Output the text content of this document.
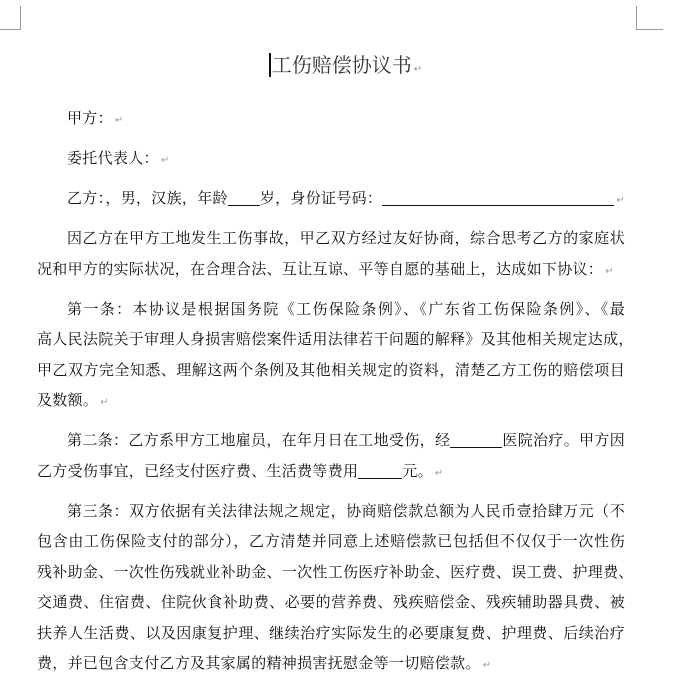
工伤赔偿协议书 ↵
甲方： ↵
委托代表人： ↵
乙方：，男，汉族，年龄 岁，身份证号码：	↵
因乙方在甲方工地发生工伤事故，甲乙双方经过友好协商，综合思考乙方的家庭状
况和甲方的实际状况，在合理合法、互让互谅、平等自愿的基础上，达成如下协议： ↵
第一条：本协议是根据国务院《工伤保险条例》、《广东省工伤保险条例》、《最
高人民法院关于审理人身损害赔偿案件适用法律若干问题的解释》及其他相关规定达成，
甲乙双方完全知悉、理解这两个条例及其他相关规定的资料，清楚乙方工伤的赔偿项目
及数额。 ↵
第二条：乙方系甲方工地雇员，在年月日在工地受伤，经	医院治疗。甲方因
乙方受伤事宜，已经支付医疗费、生活费等费用	元。 ↵
第三条：双方依据有关法律法规之规定，协商赔偿款总额为人民币壹拾肆万元（不
包含由工伤保险支付的部分），乙方清楚并同意上述赔偿款已包括但不仅仅于一次性伤
残补助金、一次性伤残就业补助金、一次性工伤医疗补助金、医疗费、误工费、护理费、
交通费、住宿费、住院伙食补助费、必要的营养费、残疾赔偿金、残疾辅助器具费、被
扶养人生活费、以及因康复护理、继续治疗实际发生的必要康复费、护理费、后续治疗
费，并已包含支付乙方及其家属的精神损害抚慰金等一切赔偿款。 ↵
